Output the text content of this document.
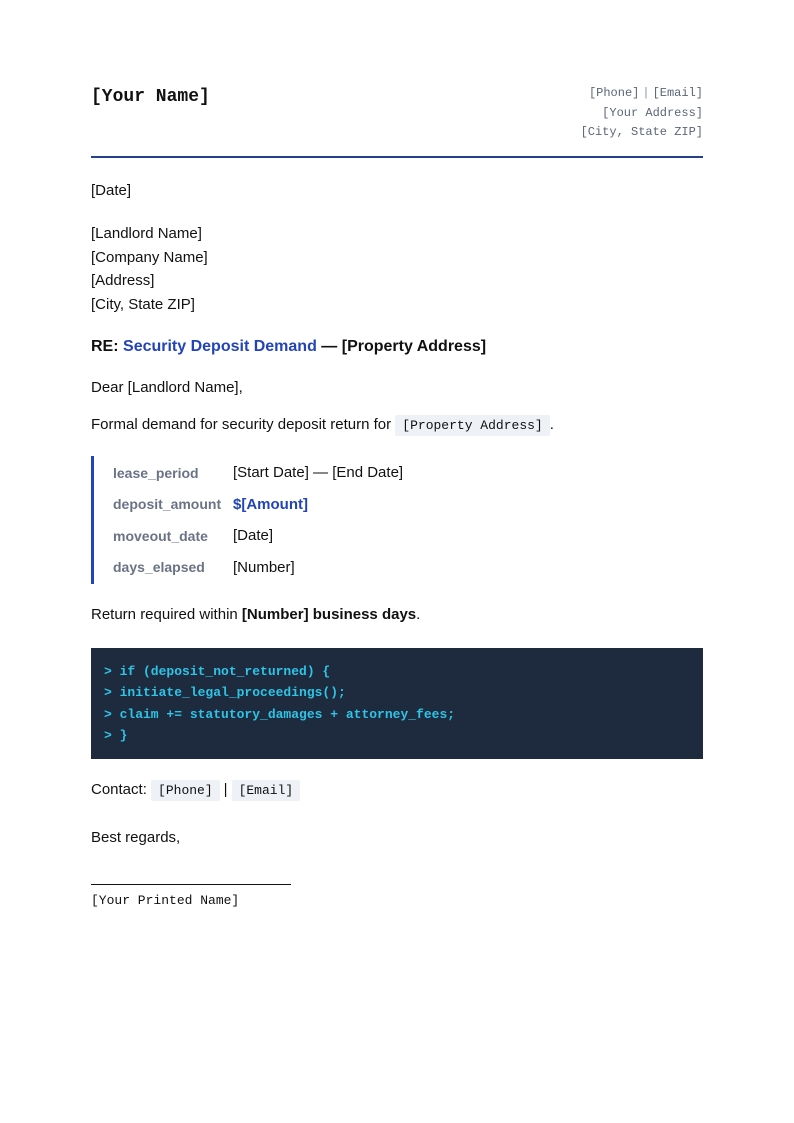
[Your Name]	[Phone] | [Email]
[Your Address]
[City, State ZIP]
[Date]
[Landlord Name]
[Company Name]
[Address]
[City, State ZIP]
RE: Security Deposit Demand — [Property Address]
Dear [Landlord Name],
Formal demand for security deposit return for [Property Address] .
lease_period	[Start Date] — [End Date]
deposit_amount $[Amount]
moveout_date	[Date]
days_elapsed	[Number]
Return required within [Number] business days.
> if (deposit_not_returned) {
> initiate_legal_proceedings();
> claim += statutory_damages + attorney_fees;
> }
Contact: [Phone] | [Email]
Best regards,
[Your Printed Name]
